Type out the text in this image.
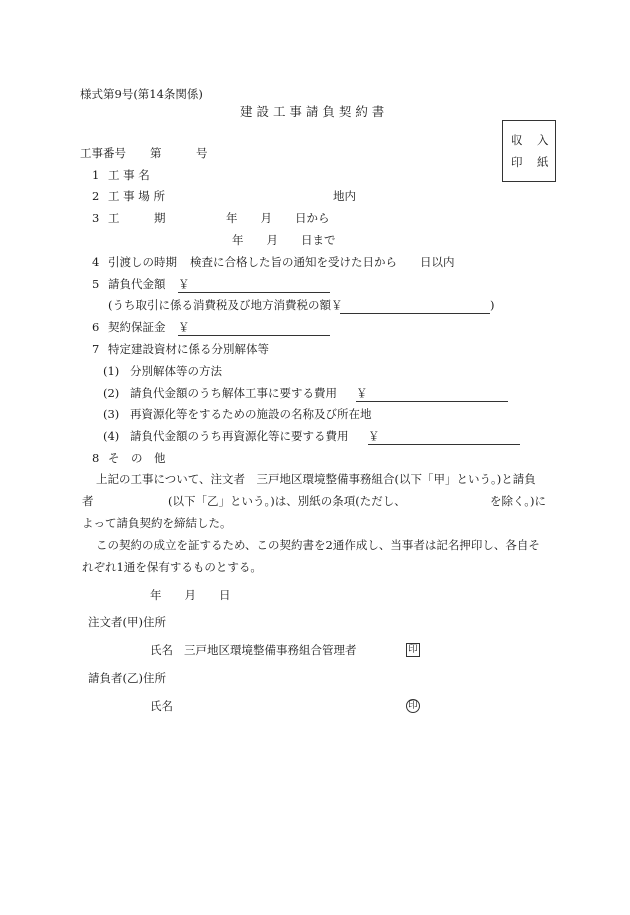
様式第9号(第14条関係)
建 設 工 事 請 負 契 約 書
収 入
印 紙
工事番号 第	号
1 工 事 名
2 工 事 場 所	地内
3 工　　　期	年　　月　　日から
年　　月　　日まで
4 引渡しの時期 検査に合格した旨の通知を受けた日から　　日以内
5 請負代金額 ￥
(うち取引に係る消費税及び地方消費税の額￥	)
6 契約保証金 ￥
7 特定建設資材に係る分別解体等
(1) 分別解体等の方法
(2) 請負代金額のうち解体工事に要する費用 ￥
(3) 再資源化等をするための施設の名称及び所在地
(4) 請負代金額のうち再資源化等に要する費用 ￥
8 そ　の　他
上記の工事について、注文者　三戸地区環境整備事務組合(以下「甲」という。)と請負
者	(以下「乙」という。)は、別紙の条項(ただし、	を除く。)に
よって請負契約を締結した。
この契約の成立を証するため、この契約書を2通作成し、当事者は記名押印し、各自そ
れぞれ1通を保有するものとする。
年　　月　　日
注文者(甲)住所
氏名 三戸地区環境整備事務組合管理者	印
請負者(乙)住所
氏名	印
